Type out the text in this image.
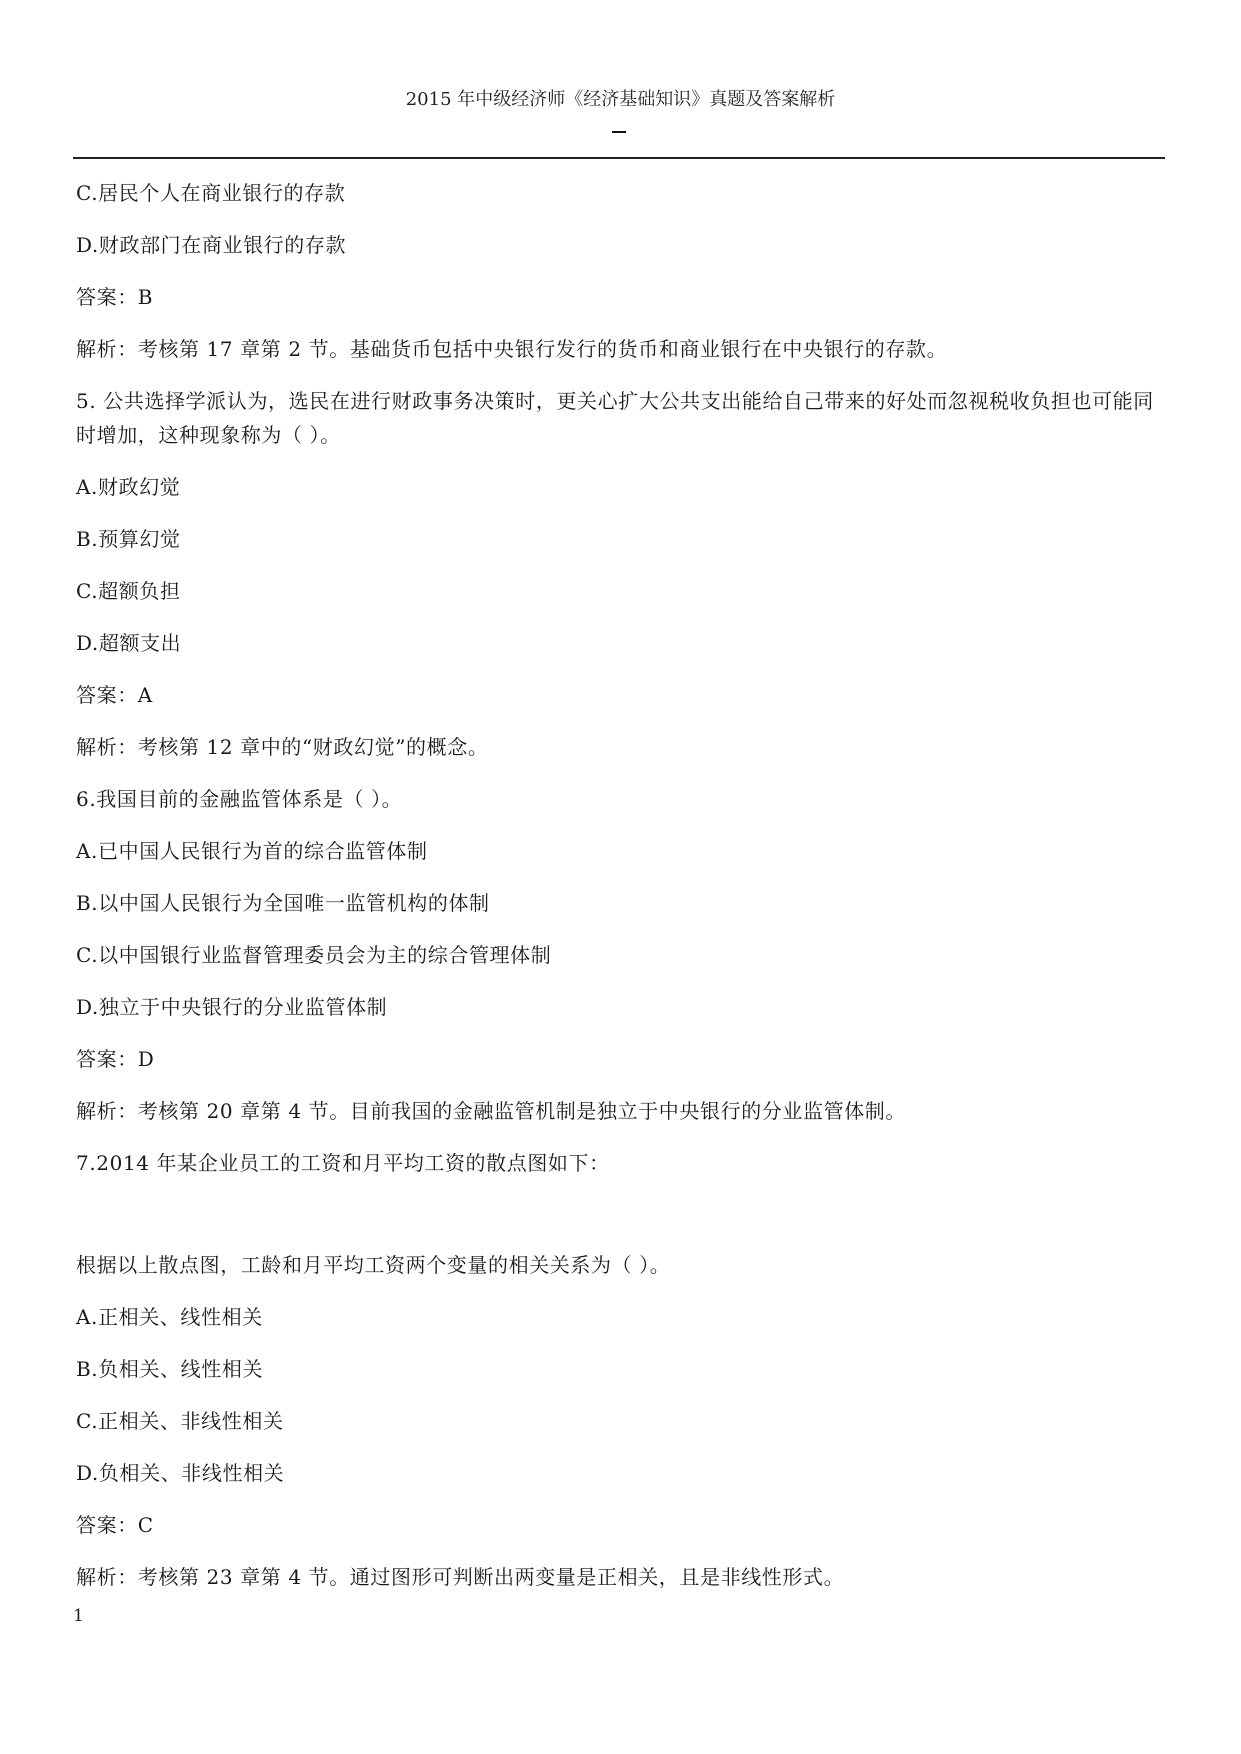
2015 年中级经济师《经济基础知识》真题及答案解析

C.居民个人在商业银行的存款

D.财政部门在商业银行的存款

答案：B

解析：考核第 17 章第 2 节。基础货币包括中央银行发行的货币和商业银行在中央银行的存款。

5. 公共选择学派认为，选民在进行财政事务决策时，更关心扩大公共支出能给自己带来的好处而忽视税收负担也可能同时增加，这种现象称为（ ）。

A.财政幻觉

B.预算幻觉

C.超额负担

D.超额支出

答案：A

解析：考核第 12 章中的“财政幻觉”的概念。

6.我国目前的金融监管体系是（ ）。

A.已中国人民银行为首的综合监管体制

B.以中国人民银行为全国唯一监管机构的体制

C.以中国银行业监督管理委员会为主的综合管理体制

D.独立于中央银行的分业监管体制

答案：D

解析：考核第 20 章第 4 节。目前我国的金融监管机制是独立于中央银行的分业监管体制。

7.2014 年某企业员工的工资和月平均工资的散点图如下：

根据以上散点图，工龄和月平均工资两个变量的相关关系为（ ）。

A.正相关、线性相关

B.负相关、线性相关

C.正相关、非线性相关

D.负相关、非线性相关

答案：C

解析：考核第 23 章第 4 节。通过图形可判断出两变量是正相关，且是非线性形式。

1
